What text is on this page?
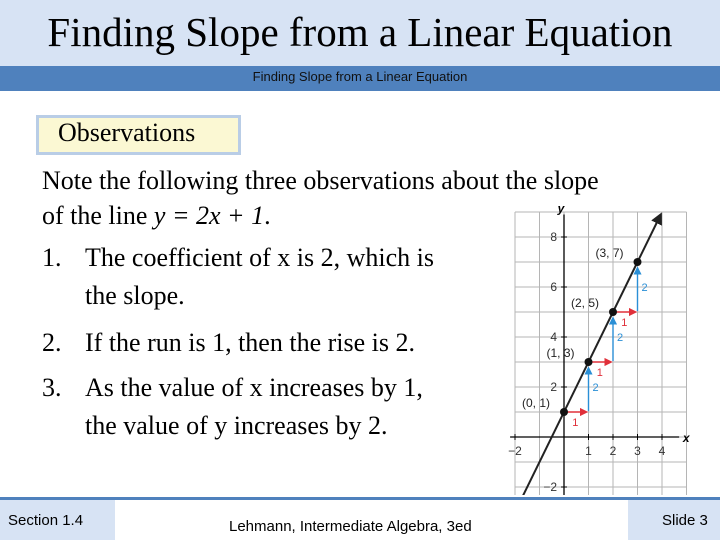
Finding Slope from a Linear Equation
Finding Slope from a Linear Equation
Observations
Note the following three observations about the slope
of the line y = 2x + 1.
1. The coefficient of x is 2, which is
the slope.
2. If the run is 1, then the rise is 2.
3. As the value of x increases by 1,
the value of y increases by 2.	x
y
−2	1 2 3 4
8
6
4
2
−2
1
2
1
2
1
2
(0, 1)
(1, 3)
(2, 5)
(3, 7)
Section 1.4	Slide 3
Lehmann, Intermediate Algebra, 3ed
